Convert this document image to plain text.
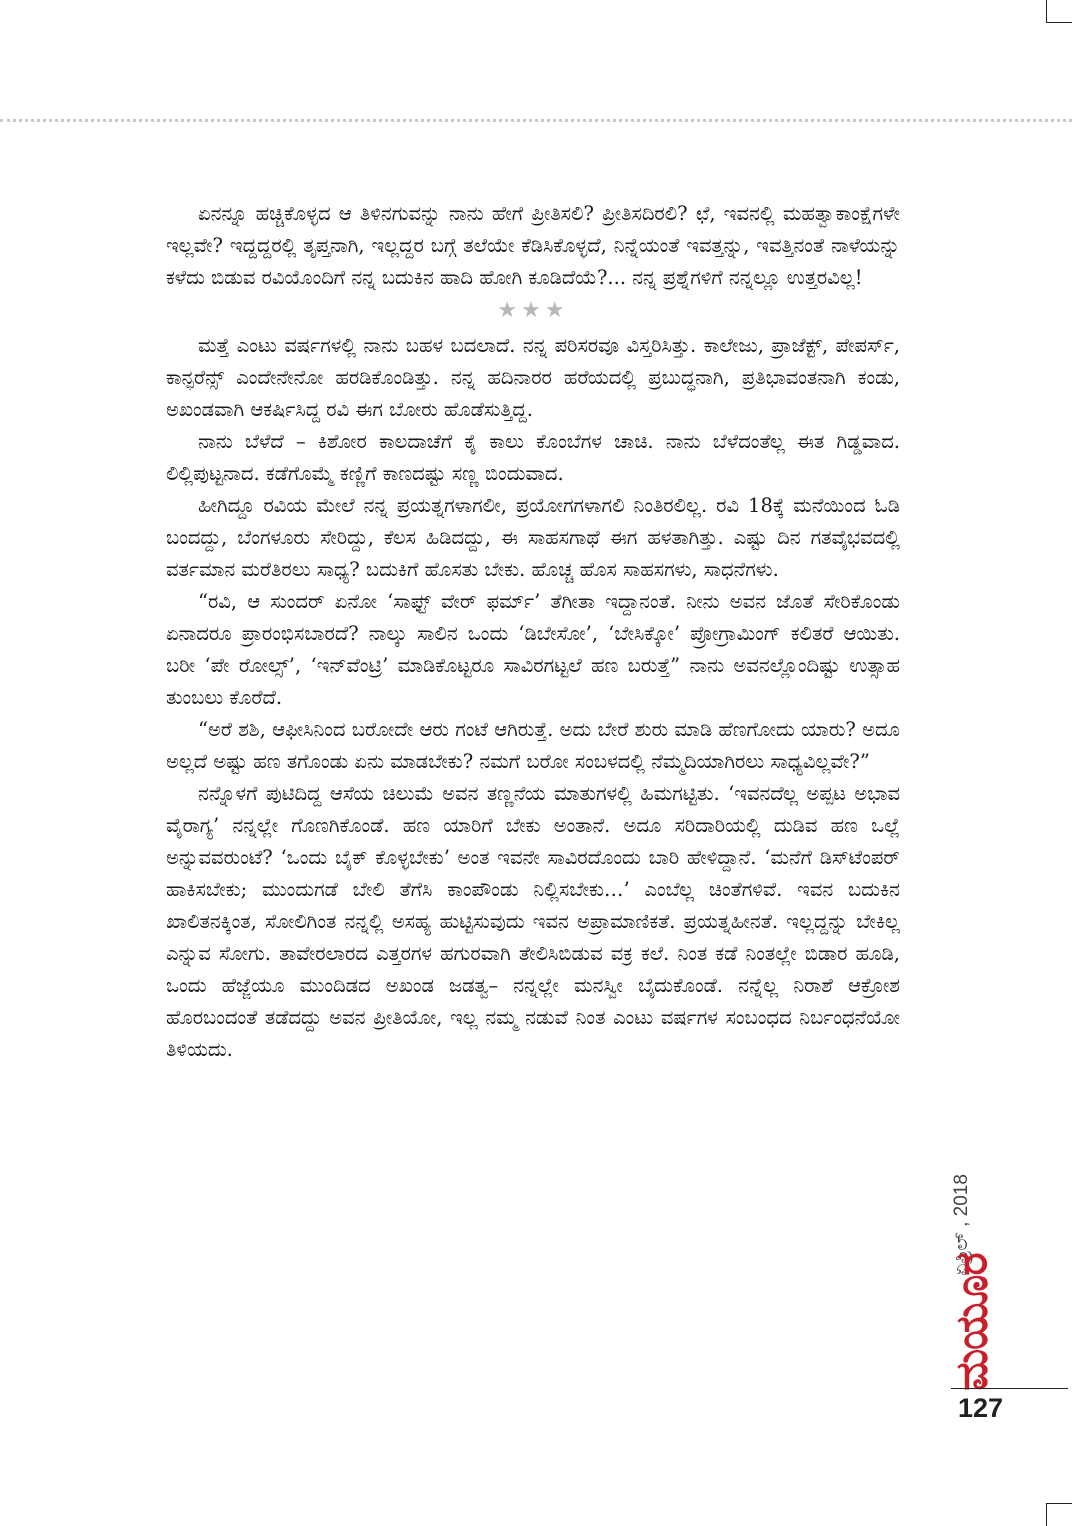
ಏನನ್ನೂ ಹಚ್ಚಿಕೊಳ್ಳದ ಆ ತಿಳಿನಗುವನ್ನು ನಾನು ಹೇಗೆ ಪ್ರೀತಿಸಲಿ? ಪ್ರೀತಿಸದಿರಲಿ? ಛೆ, ಇವನಲ್ಲಿ ಮಹತ್ವಾಕಾಂಕ್ಷೆಗಳೇ ಇಲ್ಲವೇ? ಇದ್ದದ್ದರಲ್ಲಿ ತೃಪ್ತನಾಗಿ, ಇಲ್ಲದ್ದರ ಬಗ್ಗೆ ತಲೆಯೇ ಕೆಡಿಸಿಕೊಳ್ಳದೆ, ನಿನ್ನೆಯಂತೆ ಇವತ್ತನ್ನು, ಇವತ್ತಿನಂತೆ ನಾಳೆಯನ್ನು ಕಳೆದು ಬಿಡುವ ರವಿಯೊಂದಿಗೆ ನನ್ನ ಬದುಕಿನ ಹಾದಿ ಹೋಗಿ ಕೂಡಿದೆಯೆ?... ನನ್ನ ಪ್ರಶ್ನೆಗಳಿಗೆ ನನ್ನಲ್ಲೂ ಉತ್ತರವಿಲ್ಲ!

★★★

ಮತ್ತೆ ಎಂಟು ವರ್ಷಗಳಲ್ಲಿ ನಾನು ಬಹಳ ಬದಲಾದೆ. ನನ್ನ ಪರಿಸರವೂ ವಿಸ್ತರಿಸಿತ್ತು. ಕಾಲೇಜು, ಪ್ರಾಜೆಕ್ಟ್, ಪೇಪರ್ಸ್, ಕಾನ್ಫರೆನ್ಸ್ ಎಂದೇನೇನೋ ಹರಡಿಕೊಂಡಿತ್ತು. ನನ್ನ ಹದಿನಾರರ ಹರೆಯದಲ್ಲಿ ಪ್ರಬುದ್ಧನಾಗಿ, ಪ್ರತಿಭಾವಂತನಾಗಿ ಕಂಡು, ಅಖಂಡವಾಗಿ ಆಕರ್ಷಿಸಿದ್ದ ರವಿ ಈಗ ಬೋರು ಹೊಡೆಸುತ್ತಿದ್ದ.

ನಾನು ಬೆಳೆದೆ – ಕಿಶೋರ ಕಾಲದಾಚೆಗೆ ಕೈ ಕಾಲು ಕೊಂಬೆಗಳ ಚಾಚಿ. ನಾನು ಬೆಳೆದಂತೆಲ್ಲ ಈತ ಗಿಡ್ಡವಾದ. ಲಿಲ್ಲಿಪುಟ್ಟನಾದ. ಕಡೆಗೊಮ್ಮೆ ಕಣ್ಣಿಗೆ ಕಾಣದಷ್ಟು ಸಣ್ಣ ಬಿಂದುವಾದ.

ಹೀಗಿದ್ದೂ ರವಿಯ ಮೇಲೆ ನನ್ನ ಪ್ರಯತ್ನಗಳಾಗಲೀ, ಪ್ರಯೋಗಗಳಾಗಲಿ ನಿಂತಿರಲಿಲ್ಲ. ರವಿ 18ಕ್ಕೆ ಮನೆಯಿಂದ ಓಡಿ ಬಂದದ್ದು, ಬೆಂಗಳೂರು ಸೇರಿದ್ದು, ಕೆಲಸ ಹಿಡಿದದ್ದು, ಈ ಸಾಹಸಗಾಥೆ ಈಗ ಹಳತಾಗಿತ್ತು. ಎಷ್ಟು ದಿನ ಗತವೈಭವದಲ್ಲಿ ವರ್ತಮಾನ ಮರೆತಿರಲು ಸಾಧ್ಯ? ಬದುಕಿಗೆ ಹೊಸತು ಬೇಕು. ಹೊಚ್ಚ ಹೊಸ ಸಾಹಸಗಳು, ಸಾಧನೆಗಳು.

“ರವಿ, ಆ ಸುಂದರ್ ಏನೋ ‘ಸಾಫ್ಟ್ ವೇರ್ ಫರ್ಮ್’ ತೆಗೀತಾ ಇದ್ದಾನಂತೆ. ನೀನು ಅವನ ಜೊತೆ ಸೇರಿಕೊಂಡು ಏನಾದರೂ ಪ್ರಾರಂಭಿಸಬಾರದೆ? ನಾಲ್ಕು ಸಾಲಿನ ಒಂದು ‘ಡಿಬೇಸೋ’, ‘ಬೇಸಿಕ್ಕೋ’ ಪ್ರೋಗ್ರಾಮಿಂಗ್ ಕಲಿತರೆ ಆಯಿತು. ಬರೀ ‘ಪೇ ರೋಲ್ಸ್’, ‘ಇನ್‌ವೆಂಟ್ರಿ’ ಮಾಡಿಕೊಟ್ಟರೂ ಸಾವಿರಗಟ್ಟಲೆ ಹಣ ಬರುತ್ತೆ” ನಾನು ಅವನಲ್ಲೊಂದಿಷ್ಟು ಉತ್ಸಾಹ ತುಂಬಲು ಕೊರೆದೆ.

“ಅರೆ ಶಶಿ, ಆಫೀಸಿನಿಂದ ಬರೋದೇ ಆರು ಗಂಟೆ ಆಗಿರುತ್ತೆ. ಅದು ಬೇರೆ ಶುರು ಮಾಡಿ ಹೆಣಗೋದು ಯಾರು? ಅದೂ ಅಲ್ಲದೆ ಅಷ್ಟು ಹಣ ತಗೊಂಡು ಏನು ಮಾಡಬೇಕು? ನಮಗೆ ಬರೋ ಸಂಬಳದಲ್ಲಿ ನೆಮ್ಮದಿಯಾಗಿರಲು ಸಾಧ್ಯವಿಲ್ಲವೇ?”

ನನ್ನೊಳಗೆ ಪುಟಿದಿದ್ದ ಆಸೆಯ ಚಿಲುಮೆ ಅವನ ತಣ್ಣನೆಯ ಮಾತುಗಳಲ್ಲಿ ಹಿಮಗಟ್ಟಿತು. ‘ಇವನದೆಲ್ಲ ಅಪ್ಪಟ ಅಭಾವ ವೈರಾಗ್ಯ’ ನನ್ನಲ್ಲೇ ಗೊಣಗಿಕೊಂಡೆ. ಹಣ ಯಾರಿಗೆ ಬೇಕು ಅಂತಾನೆ. ಅದೂ ಸರಿದಾರಿಯಲ್ಲಿ ದುಡಿವ ಹಣ ಒಲ್ಲೆ ಅನ್ನುವವರುಂಟೆ? ‘ಒಂದು ಬೈಕ್ ಕೊಳ್ಳಬೇಕು’ ಅಂತ ಇವನೇ ಸಾವಿರದೊಂದು ಬಾರಿ ಹೇಳಿದ್ದಾನೆ. ‘ಮನೆಗೆ ಡಿಸ್‌ಟೆಂಪರ್ ಹಾಕಿಸಬೇಕು; ಮುಂದುಗಡೆ ಬೇಲಿ ತೆಗೆಸಿ ಕಾಂಪೌಂಡು ನಿಲ್ಲಿಸಬೇಕು…’ ಎಂಬೆಲ್ಲ ಚಿಂತೆಗಳಿವೆ. ಇವನ ಬದುಕಿನ ಖಾಲಿತನಕ್ಕಿಂತ, ಸೋಲಿಗಿಂತ ನನ್ನಲ್ಲಿ ಅಸಹ್ಯ ಹುಟ್ಟಿಸುವುದು ಇವನ ಅಪ್ರಾಮಾಣಿಕತೆ. ಪ್ರಯತ್ನಹೀನತೆ. ಇಲ್ಲದ್ದನ್ನು ಬೇಕಿಲ್ಲ ಎನ್ನುವ ಸೋಗು. ತಾವೇರಲಾರದ ಎತ್ತರಗಳ ಹಗುರವಾಗಿ ತೇಲಿಸಿಬಿಡುವ ವಕ್ರ ಕಲೆ. ನಿಂತ ಕಡೆ ನಿಂತಲ್ಲೇ ಬಿಡಾರ ಹೂಡಿ, ಒಂದು ಹೆಜ್ಜೆಯೂ ಮುಂದಿಡದ ಅಖಂಡ ಜಡತ್ವ– ನನ್ನಲ್ಲೇ ಮನಸ್ವೀ ಬೈದುಕೊಂಡೆ. ನನ್ನೆಲ್ಲ ನಿರಾಶೆ ಆಕ್ರೋಶ ಹೊರಬಂದಂತೆ ತಡೆದದ್ದು ಅವನ ಪ್ರೀತಿಯೋ, ಇಲ್ಲ ನಮ್ಮ ನಡುವೆ ನಿಂತ ಎಂಟು ವರ್ಷಗಳ ಸಂಬಂಧದ ನಿರ್ಬಂಧನೆಯೋ ತಿಳಿಯದು.

ಏಪ್ರಿಲ್ , 2018
ಮಯೂರ
127
